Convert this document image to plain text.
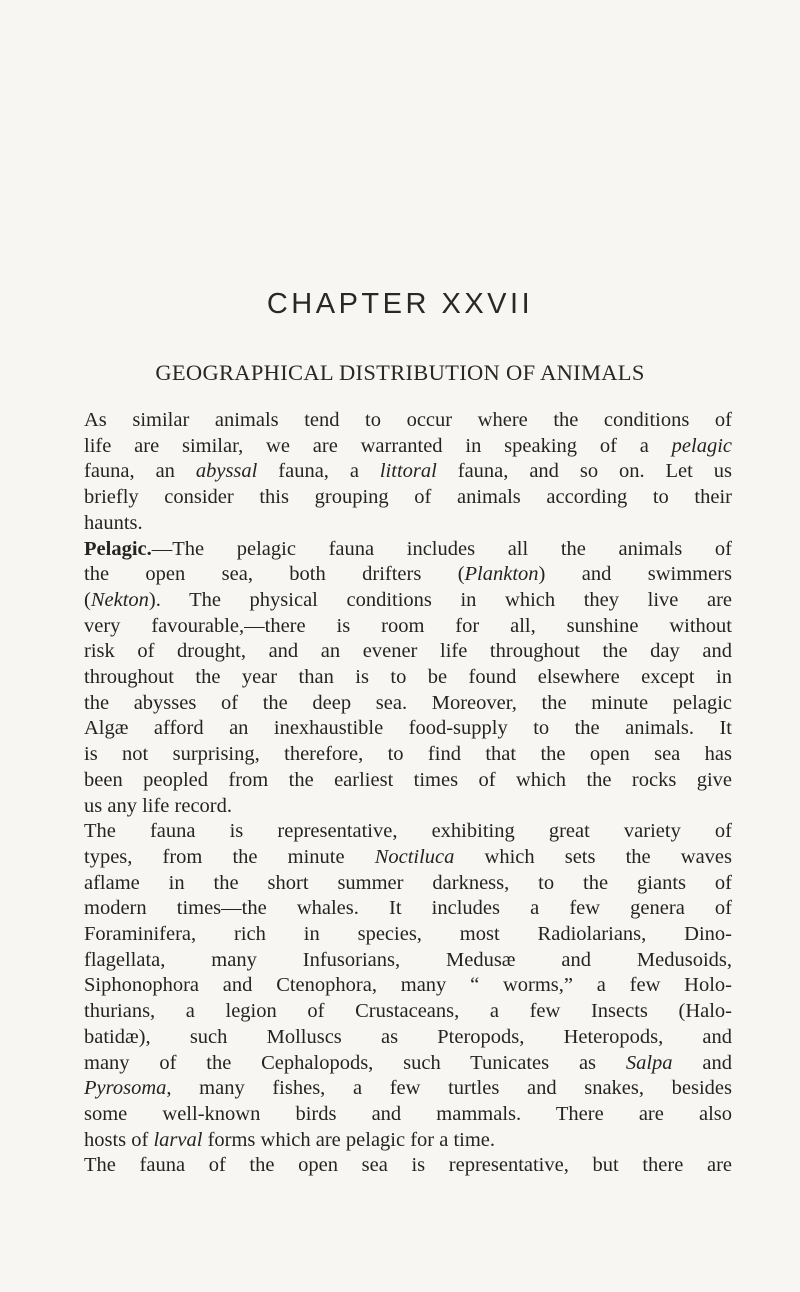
CHAPTER XXVII
GEOGRAPHICAL DISTRIBUTION OF ANIMALS

As similar animals tend to occur where the conditions of
life are similar, we are warranted in speaking of a pelagic
fauna, an abyssal fauna, a littoral fauna, and so on. Let us
briefly consider this grouping of animals according to their
haunts.

Pelagic.—The pelagic fauna includes all the animals of
the open sea, both drifters (Plankton) and swimmers
(Nekton). The physical conditions in which they live are
very favourable,—there is room for all, sunshine without
risk of drought, and an evener life throughout the day and
throughout the year than is to be found elsewhere except in
the abysses of the deep sea. Moreover, the minute pelagic
Algæ afford an inexhaustible food-supply to the animals. It
is not surprising, therefore, to find that the open sea has
been peopled from the earliest times of which the rocks give
us any life record.

The fauna is representative, exhibiting great variety of
types, from the minute Noctiluca which sets the waves
aflame in the short summer darkness, to the giants of
modern times—the whales. It includes a few genera of
Foraminifera, rich in species, most Radiolarians, Dino-
flagellata, many Infusorians, Medusæ and Medusoids,
Siphonophora and Ctenophora, many “ worms,” a few Holo-
thurians, a legion of Crustaceans, a few Insects (Halo-
batidæ), such Molluscs as Pteropods, Heteropods, and
many of the Cephalopods, such Tunicates as Salpa and
Pyrosoma, many fishes, a few turtles and snakes, besides
some well-known birds and mammals. There are also
hosts of larval forms which are pelagic for a time.

The fauna of the open sea is representative, but there are
